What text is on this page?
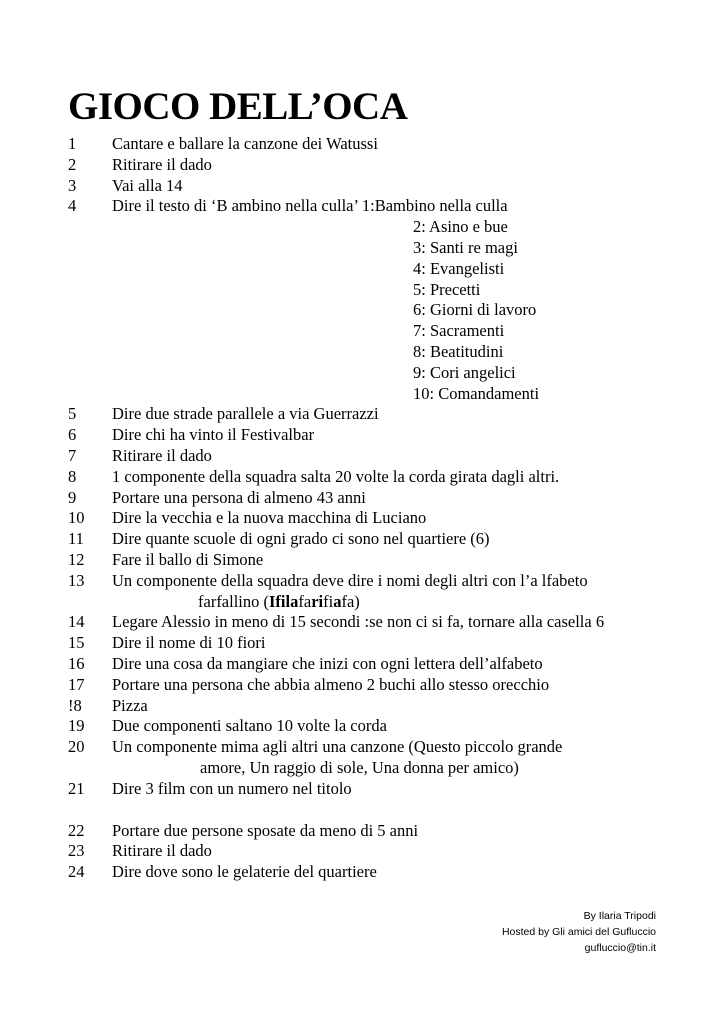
GIOCO DELL’OCA
1	Cantare e ballare la canzone dei Watussi
2	Ritirare il dado
3	Vai alla 14
4	Dire il testo di ‘B ambino nella culla’ 1:Bambino nella culla
2: Asino e bue
3: Santi re magi
4: Evangelisti
5: Precetti
6: Giorni di lavoro
7: Sacramenti
8: Beatitudini
9: Cori angelici
10: Comandamenti
5	Dire due strade parallele a via Guerrazzi
6	Dire chi ha vinto il Festivalbar
7	Ritirare il dado
8	1 componente della squadra salta 20 volte la corda girata dagli altri.
9	Portare una persona di almeno 43 anni
10	Dire la vecchia e la nuova macchina di Luciano
11	Dire quante scuole di ogni grado ci sono nel quartiere (6)
12	Fare il ballo di Simone
13	Un componente della squadra deve dire i nomi degli altri con l’a lfabeto
farfallino (Ifilafarifiafa)
14	Legare Alessio in meno di 15 secondi :se non ci si fa, tornare alla casella 6
15	Dire il nome di 10 fiori
16	Dire una cosa da mangiare che inizi con ogni lettera dell’alfabeto
17	Portare una persona che abbia almeno 2 buchi allo stesso orecchio
!8	Pizza
19	Due componenti saltano 10 volte la corda
20	Un componente mima agli altri una canzone (Questo piccolo grande
amore, Un raggio di sole, Una donna per amico)
21	Dire 3 film con un numero nel titolo
22	Portare due persone sposate da meno di 5 anni
23	Ritirare il dado
24	Dire dove sono le gelaterie del quartiere
By Ilaria Tripodi
Hosted by Gli amici del Gufluccio
gufluccio@tin.it
